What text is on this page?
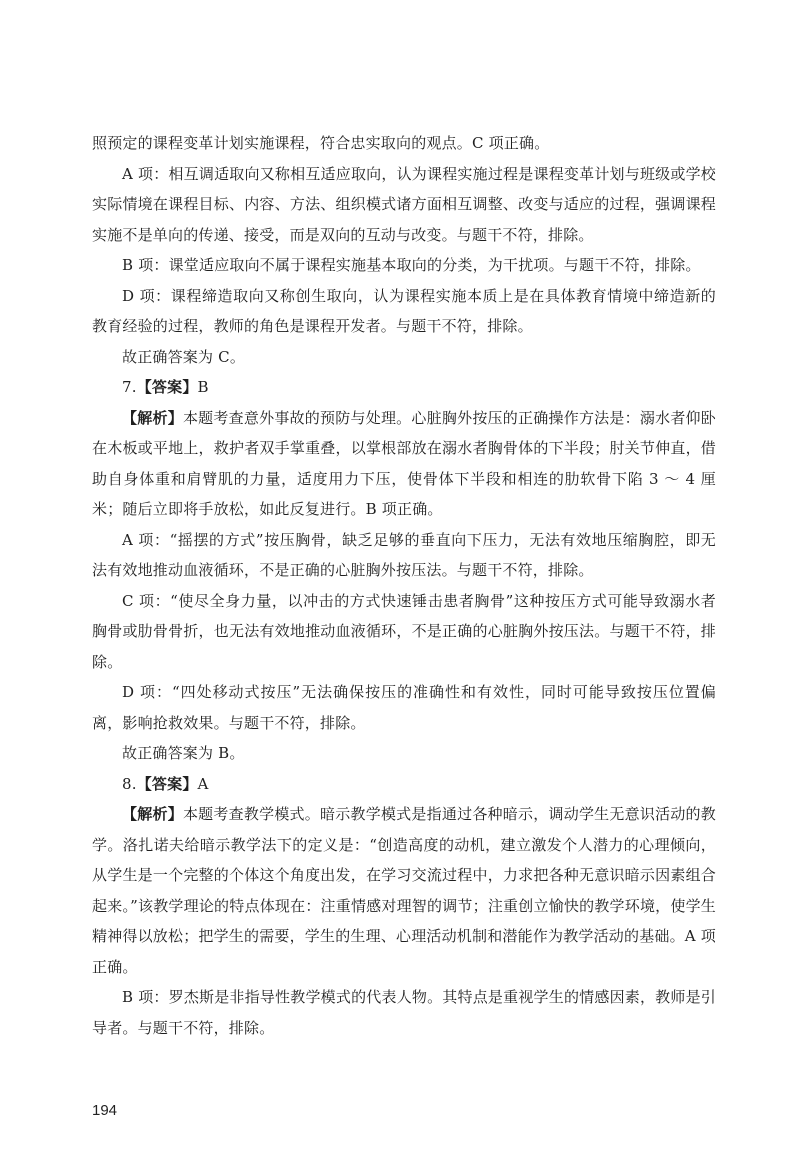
照预定的课程变革计划实施课程，符合忠实取向的观点。C 项正确。

A 项：相互调适取向又称相互适应取向，认为课程实施过程是课程变革计划与班级或学校实际情境在课程目标、内容、方法、组织模式诸方面相互调整、改变与适应的过程，强调课程实施不是单向的传递、接受，而是双向的互动与改变。与题干不符，排除。

B 项：课堂适应取向不属于课程实施基本取向的分类，为干扰项。与题干不符，排除。

D 项：课程缔造取向又称创生取向，认为课程实施本质上是在具体教育情境中缔造新的教育经验的过程，教师的角色是课程开发者。与题干不符，排除。

故正确答案为 C。

7.【答案】B

【解析】本题考查意外事故的预防与处理。心脏胸外按压的正确操作方法是：溺水者仰卧在木板或平地上，救护者双手掌重叠，以掌根部放在溺水者胸骨体的下半段；肘关节伸直，借助自身体重和肩臂肌的力量，适度用力下压，使骨体下半段和相连的肋软骨下陷 3 ～ 4 厘米；随后立即将手放松，如此反复进行。B 项正确。

A 项：“摇摆的方式”按压胸骨，缺乏足够的垂直向下压力，无法有效地压缩胸腔，即无法有效地推动血液循环，不是正确的心脏胸外按压法。与题干不符，排除。

C 项：“使尽全身力量，以冲击的方式快速锤击患者胸骨”这种按压方式可能导致溺水者胸骨或肋骨骨折，也无法有效地推动血液循环，不是正确的心脏胸外按压法。与题干不符，排除。

D 项：“四处移动式按压”无法确保按压的准确性和有效性，同时可能导致按压位置偏离，影响抢救效果。与题干不符，排除。

故正确答案为 B。

8.【答案】A

【解析】本题考查教学模式。暗示教学模式是指通过各种暗示，调动学生无意识活动的教学。洛扎诺夫给暗示教学法下的定义是：“创造高度的动机，建立激发个人潜力的心理倾向，从学生是一个完整的个体这个角度出发，在学习交流过程中，力求把各种无意识暗示因素组合起来。”该教学理论的特点体现在：注重情感对理智的调节；注重创立愉快的教学环境，使学生精神得以放松；把学生的需要，学生的生理、心理活动机制和潜能作为教学活动的基础。A 项正确。

B 项：罗杰斯是非指导性教学模式的代表人物。其特点是重视学生的情感因素，教师是引导者。与题干不符，排除。

194
